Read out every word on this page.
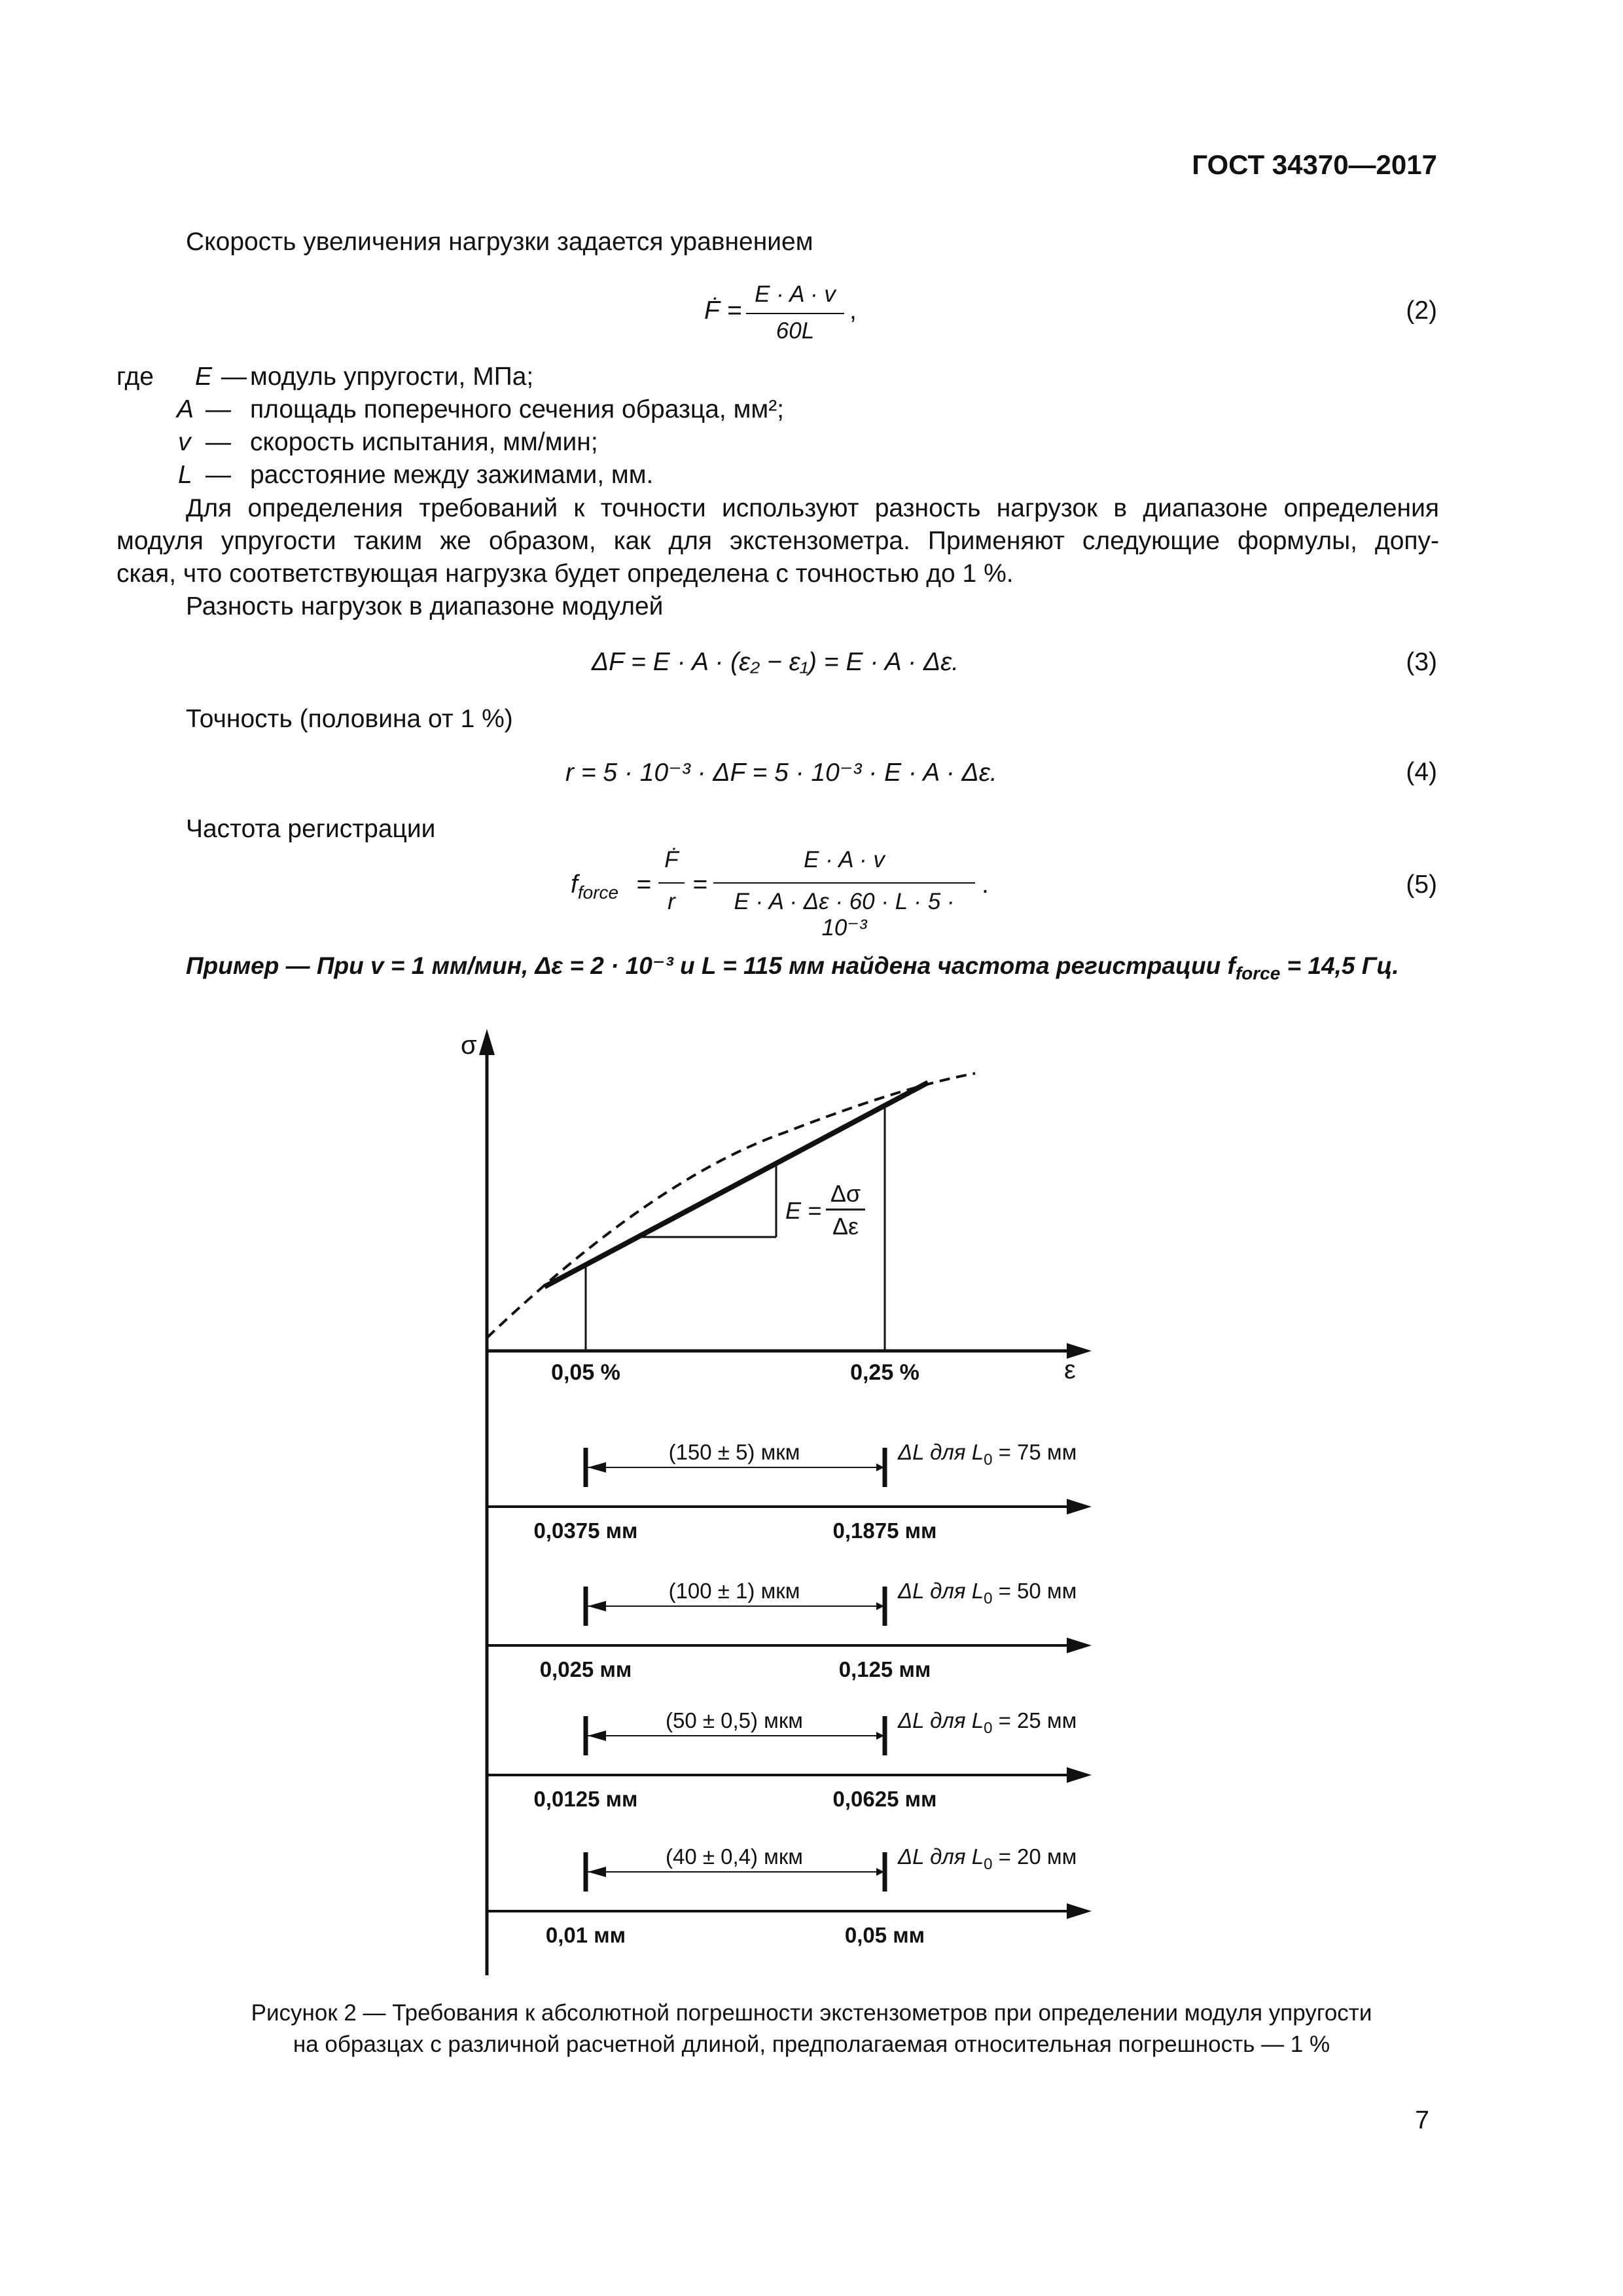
ГОСТ 34370—2017
Скорость увеличения нагрузки задается уравнением
Ḟ =
E · A · v
60L
,	(2)
где E — модуль упругости, МПа;
A — площадь поперечного сечения образца, мм²;
v — скорость испытания, мм/мин;
L — расстояние между зажимами, мм.
Для определения требований к точности используют разность нагрузок в диапазоне определения
модуля упругости таким же образом, как для экстензометра. Применяют следующие формулы, допу-
ская, что соответствующая нагрузка будет определена с точностью до 1 %.
Разность нагрузок в диапазоне модулей
ΔF = E · A · (ε₂ − ε₁) = E · A · Δε.	(3)
Точность (половина от 1 %)
r = 5 · 10⁻³ · ΔF = 5 · 10⁻³ · E · A · Δε.	(4)
Частота регистрации
$f_{force}$ =
Ḟ
r
=
E · A · v
E · A · Δε · 60 · L · 5 · 10⁻³
.	(5)
Пример — При v = 1 мм/мин, Δε = 2 · 10⁻³ и L = 115 мм найдена частота регистрации $f_{force} = 14,5$ Гц.
σ
ε
E =
Δσ
Δε
0,05 %	0,25 %
(150 ± 5) мкм	ΔL для $L_0 = 75$ мм
0,0375 мм	0,1875 мм
(100 ± 1) мкм	ΔL для $L_0 = 50$ мм
0,025 мм	0,125 мм
(50 ± 0,5) мкм	ΔL для $L_0 = 25$ мм
0,0125 мм	0,0625 мм
(40 ± 0,4) мкм	ΔL для $L_0 = 20$ мм
0,01 мм	0,05 мм
Рисунок 2 — Требования к абсолютной погрешности экстензометров при определении модуля упругости
на образцах с различной расчетной длиной, предполагаемая относительная погрешность — 1 %
7
